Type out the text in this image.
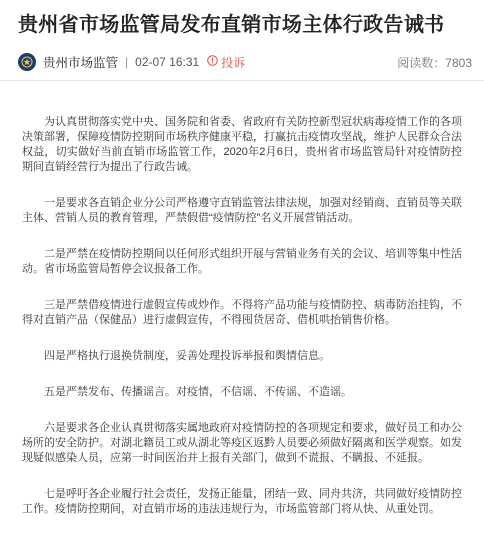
贵州省市场监管局发布直销市场主体行政告诫书
贵州市场监管 | 02-07 16:31 投诉	阅读数：7803

为认真贯彻落实党中央、国务院和省委、省政府有关防控新型冠状病毒疫情工作的各项决策部署，保障疫情防控期间市场秩序健康平稳，打赢抗击疫情攻坚战，维护人民群众合法权益，切实做好当前直销市场监管工作，2020年2月6日，贵州省市场监管局针对疫情防控期间直销经营行为提出了行政告诫。

一是要求各直销企业分公司严格遵守直销监管法律法规，加强对经销商、直销员等关联主体、营销人员的教育管理，严禁假借“疫情防控”名义开展营销活动。

二是严禁在疫情防控期间以任何形式组织开展与营销业务有关的会议、培训等集中性活动。省市场监管局暂停会议报备工作。

三是严禁借疫情进行虚假宣传或炒作。不得将产品功能与疫情防控、病毒防治挂钩，不得对直销产品（保健品）进行虚假宣传，不得囤货居奇、借机哄抬销售价格。

四是严格执行退换货制度，妥善处理投诉举报和舆情信息。

五是严禁发布、传播谣言。对疫情，不信谣、不传谣、不造谣。

六是要求各企业认真贯彻落实属地政府对疫情防控的各项规定和要求，做好员工和办公场所的安全防护。对湖北籍员工或从湖北等疫区返黔人员要必须做好隔离和医学观察。如发现疑似感染人员，应第一时间医治并上报有关部门，做到不谎报、不瞒报、不延报。

七是呼吁各企业履行社会责任，发扬正能量，团结一致、同舟共济，共同做好疫情防控工作。疫情防控期间，对直销市场的违法违规行为，市场监管部门将从快、从重处罚。
